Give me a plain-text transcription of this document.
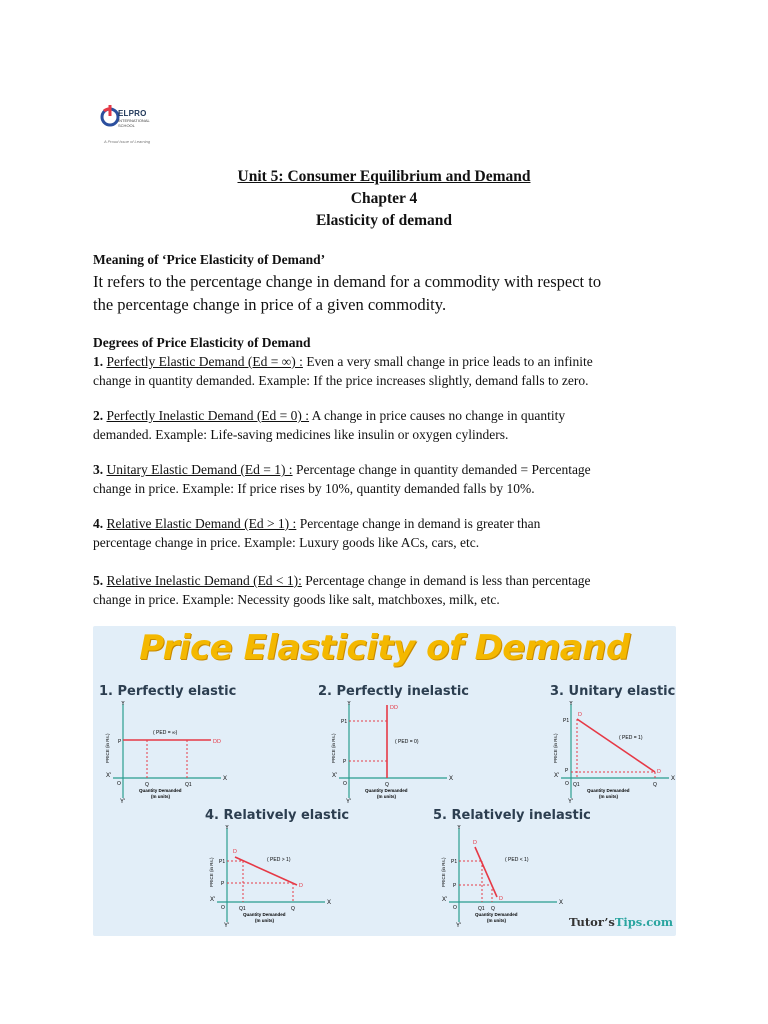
ELPRO
INTERNATIONAL
SCHOOL
A Proud Issue of Learning
Unit 5: Consumer Equilibrium and Demand
Chapter 4
Elasticity of demand
Meaning of ‘Price Elasticity of Demand’
It refers to the percentage change in demand for a commodity with respect to
the percentage change in price of a given commodity.
Degrees of Price Elasticity of Demand
1. Perfectly Elastic Demand (Ed = ∞) : Even a very small change in price leads to an infinite
change in quantity demanded. Example: If the price increases slightly, demand falls to zero.
2. Perfectly Inelastic Demand (Ed = 0) : A change in price causes no change in quantity
demanded. Example: Life-saving medicines like insulin or oxygen cylinders.
3. Unitary Elastic Demand (Ed = 1) : Percentage change in quantity demanded = Percentage
change in price. Example: If price rises by 10%, quantity demanded falls by 10%.
4. Relative Elastic Demand (Ed > 1) : Percentage change in demand is greater than
percentage change in price. Example: Luxury goods like ACs, cars, etc.
5. Relative Inelastic Demand (Ed < 1): Percentage change in demand is less than percentage
change in price. Example: Necessity goods like salt, matchboxes, milk, etc.
Price Elasticity of Demand
1. Perfectly elastic	2. Perfectly inelastic	3. Unitary elastic
4. Relatively elastic	5. Relatively inelastic
Y
X
X'
Y'
O
PRICE (in Rs.) P
Q	Q1
DD
( PED = ∞)
Quantity Demanded
(In units)
Y
X
X'
Y'
O
PRICE (in Rs.)
P1
P
Q
DD
( PED = 0)
Quantity Demanded
(In units)
Y
X
X'
Y'
O
PRICE (in Rs.)
D
D
P1
P
Q1	Q
( PED = 1)
Quantity Demanded
(In units)
Y
X
X'
Y'
O
PRICE (in Rs.)
D
D
P1
P
Q1	Q
( PED > 1)
Quantity Demanded
(In units)
Y
X
X'
Y'
O
PRICE (in Rs.)
D
D
P1
P
Q1 Q
( PED < 1)
Quantity Demanded
(In units)	Tutor’sTips.com
